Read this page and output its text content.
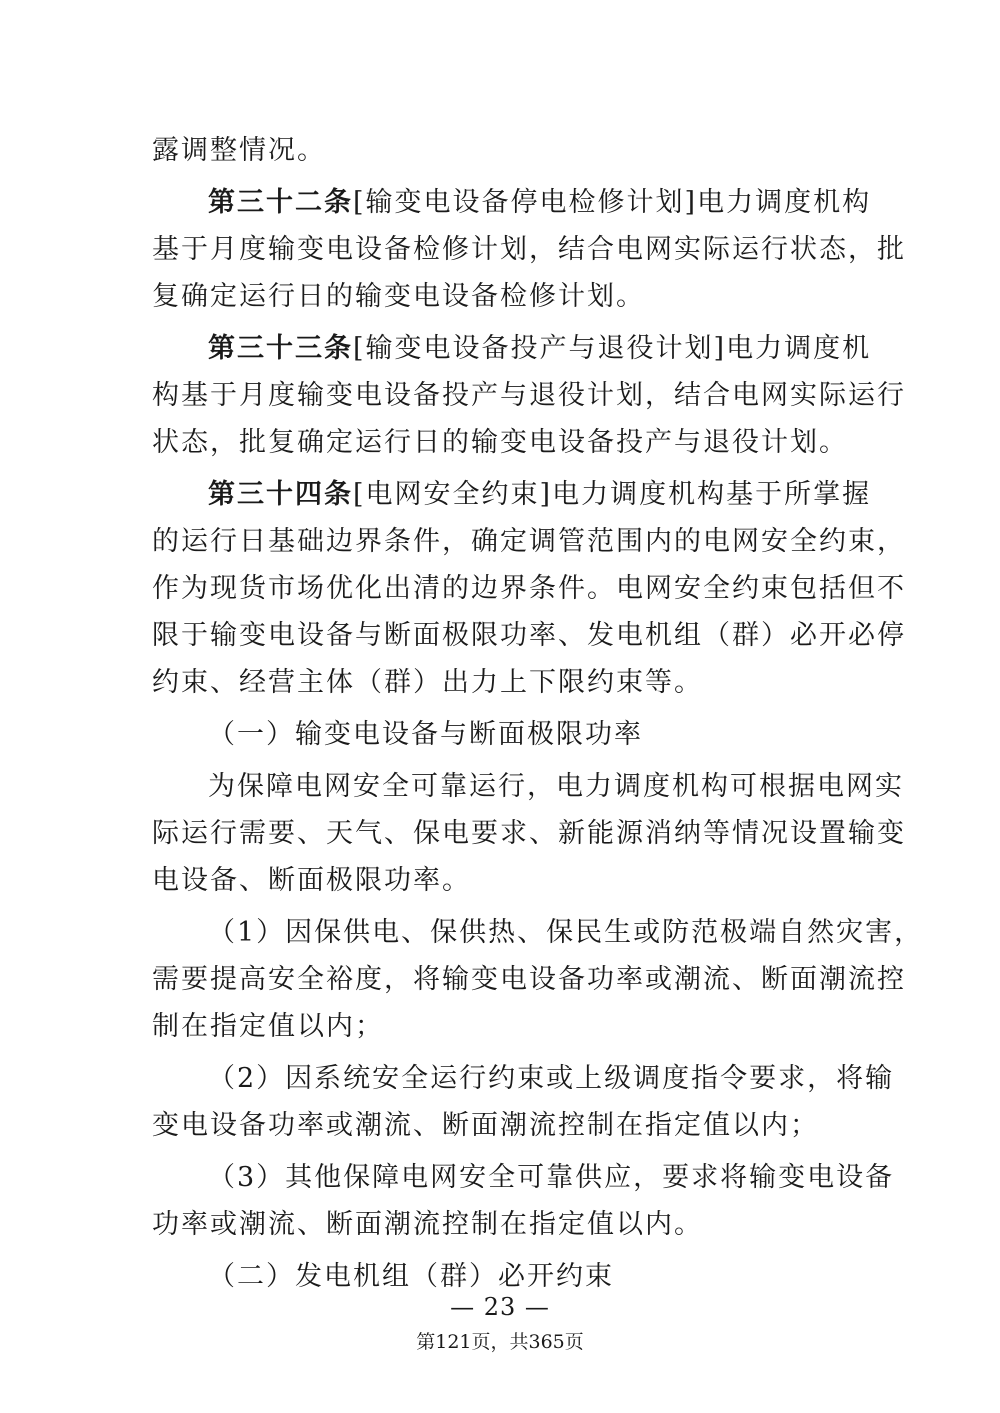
露调整情况。
第三十二条[输变电设备停电检修计划]电力调度机构
基于月度输变电设备检修计划，结合电网实际运行状态，批
复确定运行日的输变电设备检修计划。
第三十三条[输变电设备投产与退役计划]电力调度机
构基于月度输变电设备投产与退役计划，结合电网实际运行
状态，批复确定运行日的输变电设备投产与退役计划。
第三十四条[电网安全约束]电力调度机构基于所掌握
的运行日基础边界条件，确定调管范围内的电网安全约束，
作为现货市场优化出清的边界条件。电网安全约束包括但不
限于输变电设备与断面极限功率、发电机组（群）必开必停
约束、经营主体（群）出力上下限约束等。
（一）输变电设备与断面极限功率
为保障电网安全可靠运行，电力调度机构可根据电网实
际运行需要、天气、保电要求、新能源消纳等情况设置输变
电设备、断面极限功率。
（1）因保供电、保供热、保民生或防范极端自然灾害，
需要提高安全裕度，将输变电设备功率或潮流、断面潮流控
制在指定值以内；
（2）因系统安全运行约束或上级调度指令要求，将输
变电设备功率或潮流、断面潮流控制在指定值以内；
（3）其他保障电网安全可靠供应，要求将输变电设备
功率或潮流、断面潮流控制在指定值以内。
（二）发电机组（群）必开约束
— 23 —
第121页，共365页
